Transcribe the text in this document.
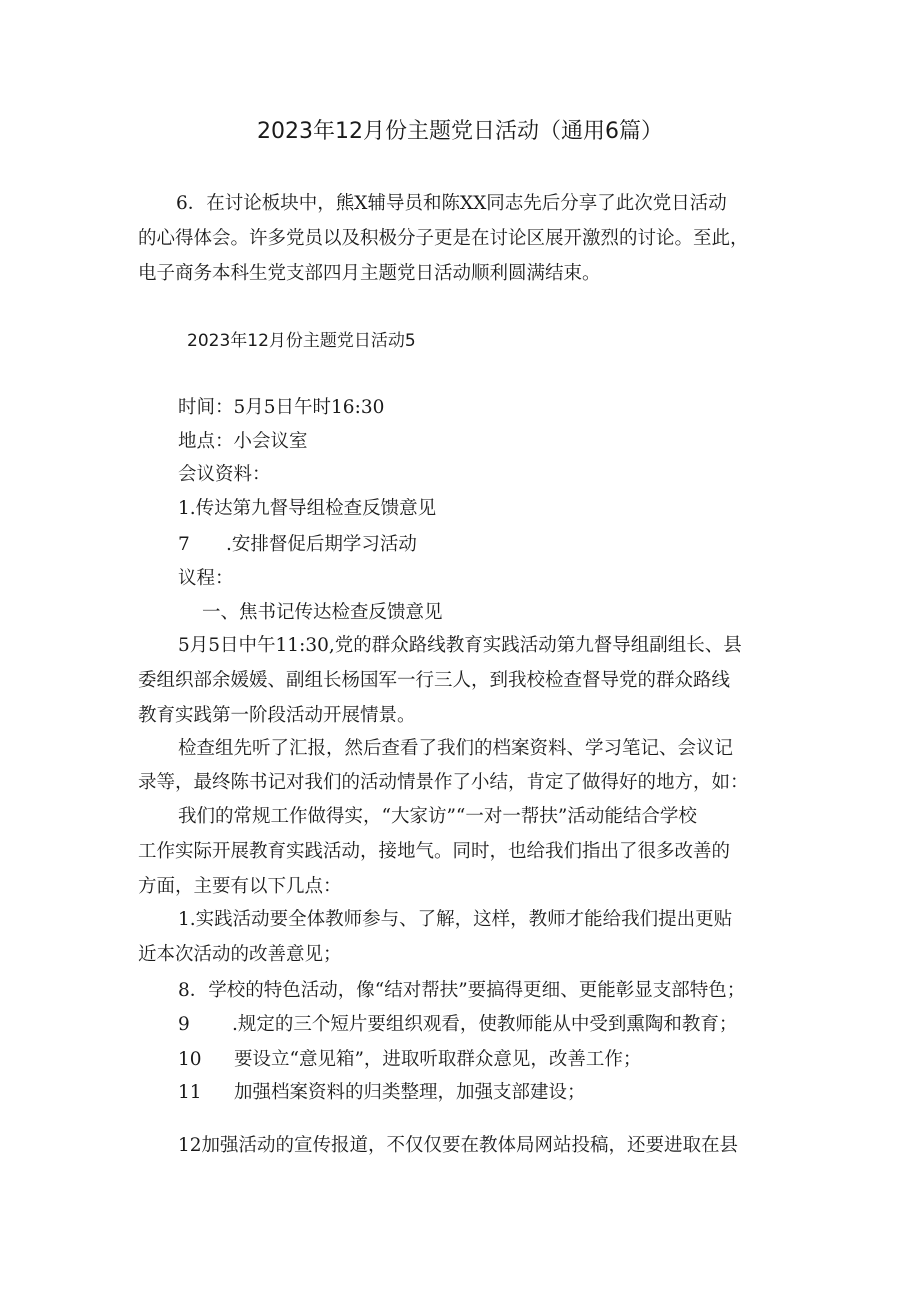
2023年12月份主题党日活动（通用6篇）
6．在讨论板块中，熊X辅导员和陈XX同志先后分享了此次党日活动
的心得体会。许多党员以及积极分子更是在讨论区展开激烈的讨论。至此，
电子商务本科生党支部四月主题党日活动顺利圆满结束。
2023年12月份主题党日活动5
时间：5月5日午时16:30
地点：小会议室
会议资料：
1.传达第九督导组检查反馈意见
7 .安排督促后期学习活动
议程：
一、焦书记传达检查反馈意见
5月5日中午11:30,党的群众路线教育实践活动第九督导组副组长、县
委组织部余媛媛、副组长杨国军一行三人，到我校检查督导党的群众路线
教育实践第一阶段活动开展情景。
检查组先听了汇报，然后查看了我们的档案资料、学习笔记、会议记
录等，最终陈书记对我们的活动情景作了小结，肯定了做得好的地方，如：
我们的常规工作做得实，“大家访”“一对一帮扶”活动能结合学校
工作实际开展教育实践活动，接地气。同时，也给我们指出了很多改善的
方面，主要有以下几点：
1.实践活动要全体教师参与、了解，这样，教师才能给我们提出更贴
近本次活动的改善意见；
8．学校的特色活动，像“结对帮扶”要搞得更细、更能彰显支部特色；
9 .规定的三个短片要组织观看，使教师能从中受到熏陶和教育；
10 要设立“意见箱”，进取听取群众意见，改善工作；
11 加强档案资料的归类整理，加强支部建设；
12加强活动的宣传报道，不仅仅要在教体局网站投稿，还要进取在县
